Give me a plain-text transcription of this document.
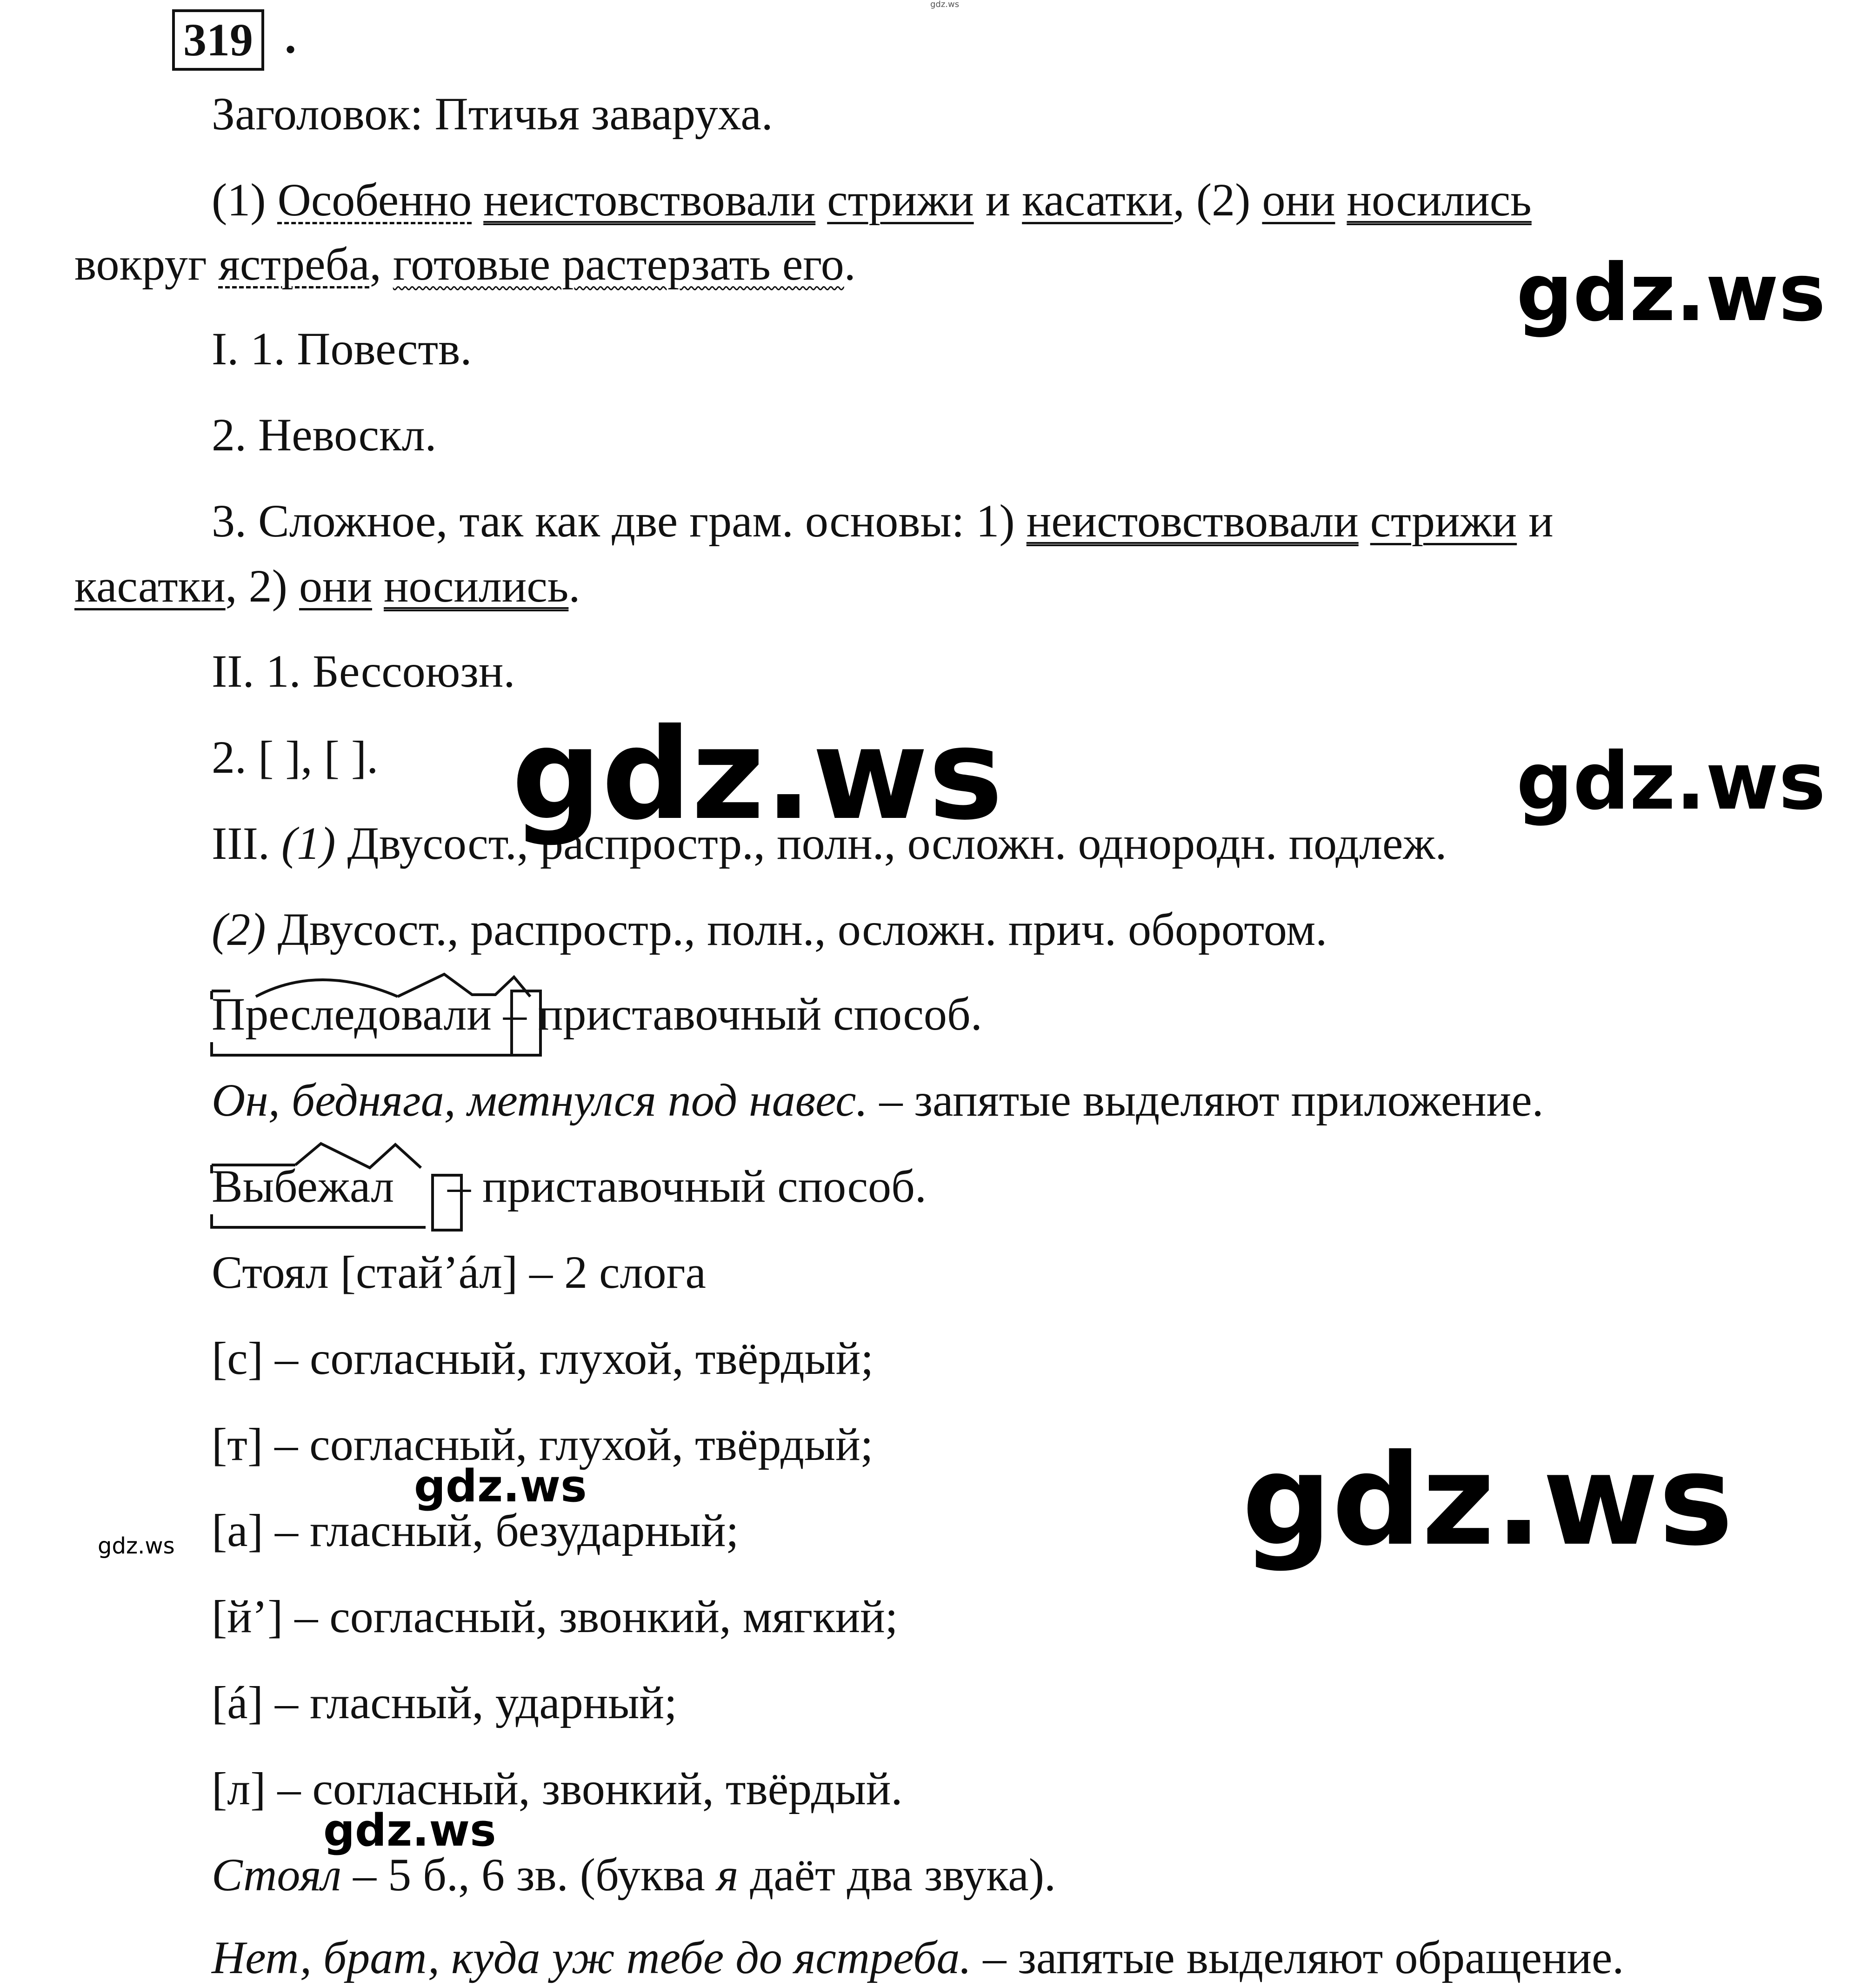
319 .
Заголовок: Птичья заваруха.
(1) Особенно неистовствовали стрижи и касатки, (2) они носились
вокруг ястреба, готовые растерзать его.
I. 1. Повеств.
2. Невоскл.
3. Сложное, так как две грам. основы: 1) неистовствовали стрижи и
касатки, 2) они носились.
II. 1. Бессоюзн.
2. [ ], [ ].
III. (1) Двусост., распростр., полн., осложн. однородн. подлеж.
(2) Двусост., распростр., полн., осложн. прич. оборотом.
Преследовали – приставочный способ.
Он, бедняга, метнулся под навес. – запятые выделяют приложение.
Выбежал – приставочный способ.
Стоял [стай’áл] – 2 слога
[с] – согласный, глухой, твёрдый;
[т] – согласный, глухой, твёрдый;
[а] – гласный, безударный;
[й’] – согласный, звонкий, мягкий;
[á] – гласный, ударный;
[л] – согласный, звонкий, твёрдый.
Стоял – 5 б., 6 зв. (буква я даёт два звука).
Нет, брат, куда уж тебе до ястреба. – запятые выделяют обращение.
gdz.ws
gdz.ws
gdz.ws	gdz.ws
gdz.ws	gdz.ws
gdz.ws
gdz.ws
